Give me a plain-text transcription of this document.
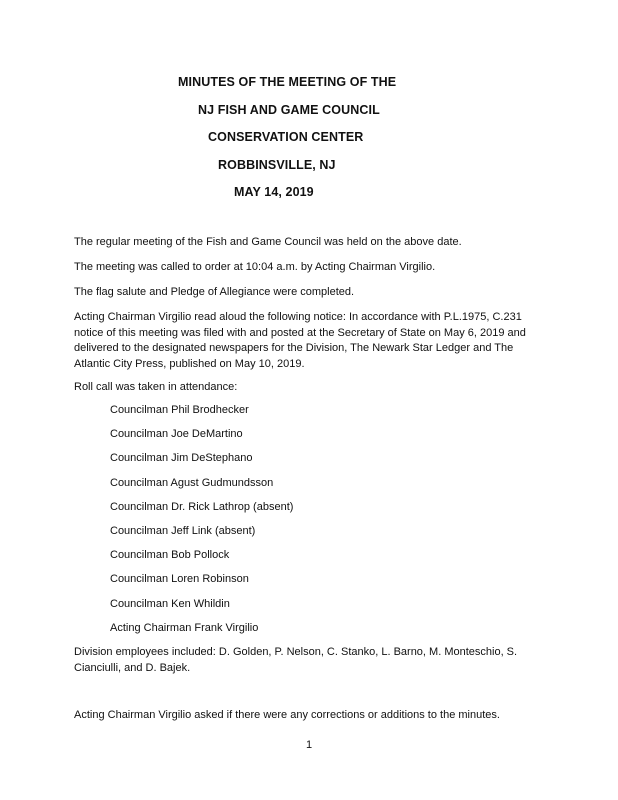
MINUTES OF THE MEETING OF THE
NJ FISH AND GAME COUNCIL
CONSERVATION CENTER
ROBBINSVILLE, NJ
MAY 14, 2019

The regular meeting of the Fish and Game Council was held on the above date.

The meeting was called to order at 10:04 a.m. by Acting Chairman Virgilio.

The flag salute and Pledge of Allegiance were completed.

Acting Chairman Virgilio read aloud the following notice: In accordance with P.L.1975, C.231 notice of this meeting was filed with and posted at the Secretary of State on May 6, 2019 and delivered to the designated newspapers for the Division, The Newark Star Ledger and The Atlantic City Press, published on May 10, 2019.

Roll call was taken in attendance:

Councilman Phil Brodhecker
Councilman Joe DeMartino
Councilman Jim DeStephano
Councilman Agust Gudmundsson
Councilman Dr. Rick Lathrop (absent)
Councilman Jeff Link (absent)
Councilman Bob Pollock
Councilman Loren Robinson
Councilman Ken Whildin
Acting Chairman Frank Virgilio

Division employees included: D. Golden, P. Nelson, C. Stanko, L. Barno, M. Monteschio, S. Cianciulli, and D. Bajek.

Acting Chairman Virgilio asked if there were any corrections or additions to the minutes.

1
